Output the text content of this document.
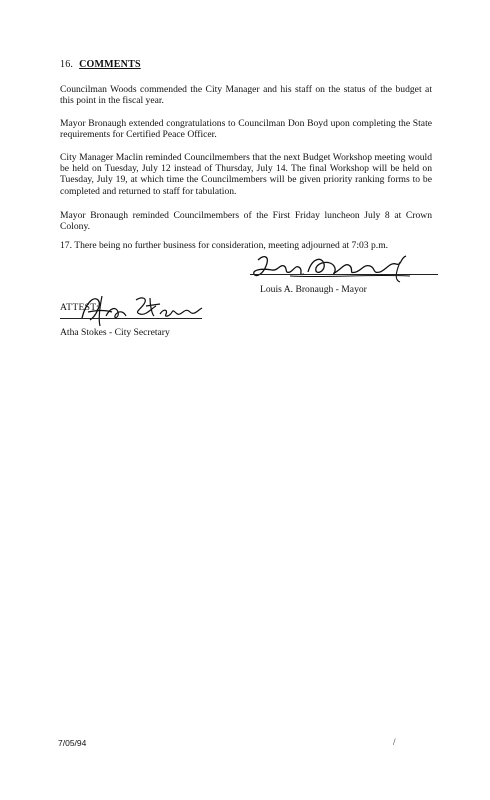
16. COMMENTS

Councilman Woods commended the City Manager and his staff on the status of the budget at this point in the fiscal year.

Mayor Bronaugh extended congratulations to Councilman Don Boyd upon completing the State requirements for Certified Peace Officer.

City Manager Maclin reminded Councilmembers that the next Budget Workshop meeting would be held on Tuesday, July 12 instead of Thursday, July 14. The final Workshop will be held on Tuesday, July 19, at which time the Councilmembers will be given priority ranking forms to be completed and returned to staff for tabulation.

Mayor Bronaugh reminded Councilmembers of the First Friday luncheon July 8 at Crown Colony.

17. There being no further business for consideration, meeting adjourned at 7:03 p.m.

Louis A. Bronaugh - Mayor
ATTEST:
Atha Stokes - City Secretary
7/05/94	/
